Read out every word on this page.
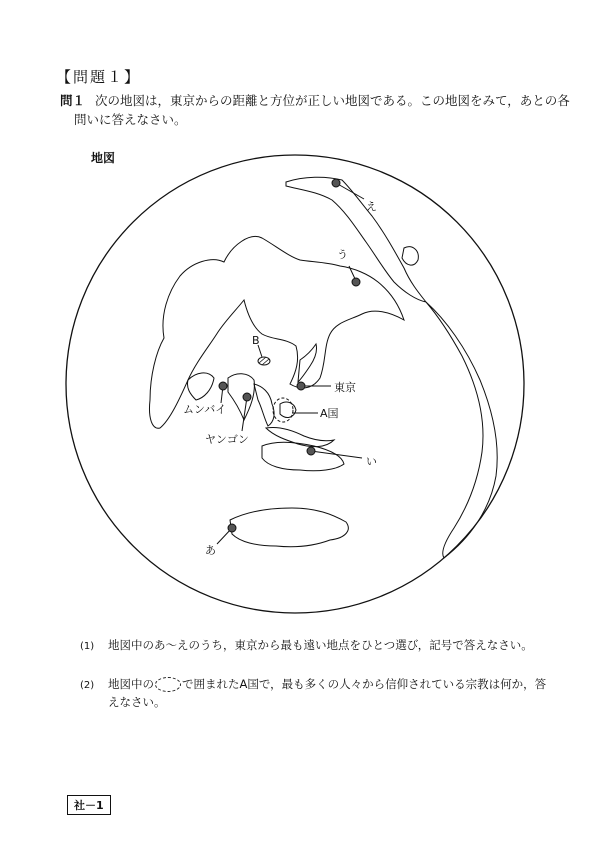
【問題１】
問１ 次の地図は，東京からの距離と方位が正しい地図である。この地図をみて，あとの各
問いに答えなさい。
地図
え
う
B
東京
ムンバイ	A国
ヤンゴン
い
あ
(1) 地図中のあ～えのうち，東京から最も遠い地点をひとつ選び，記号で答えなさい。
(2) 地図中の で囲まれたA国で，最も多くの人々から信仰されている宗教は何か，答
えなさい。
社－1
